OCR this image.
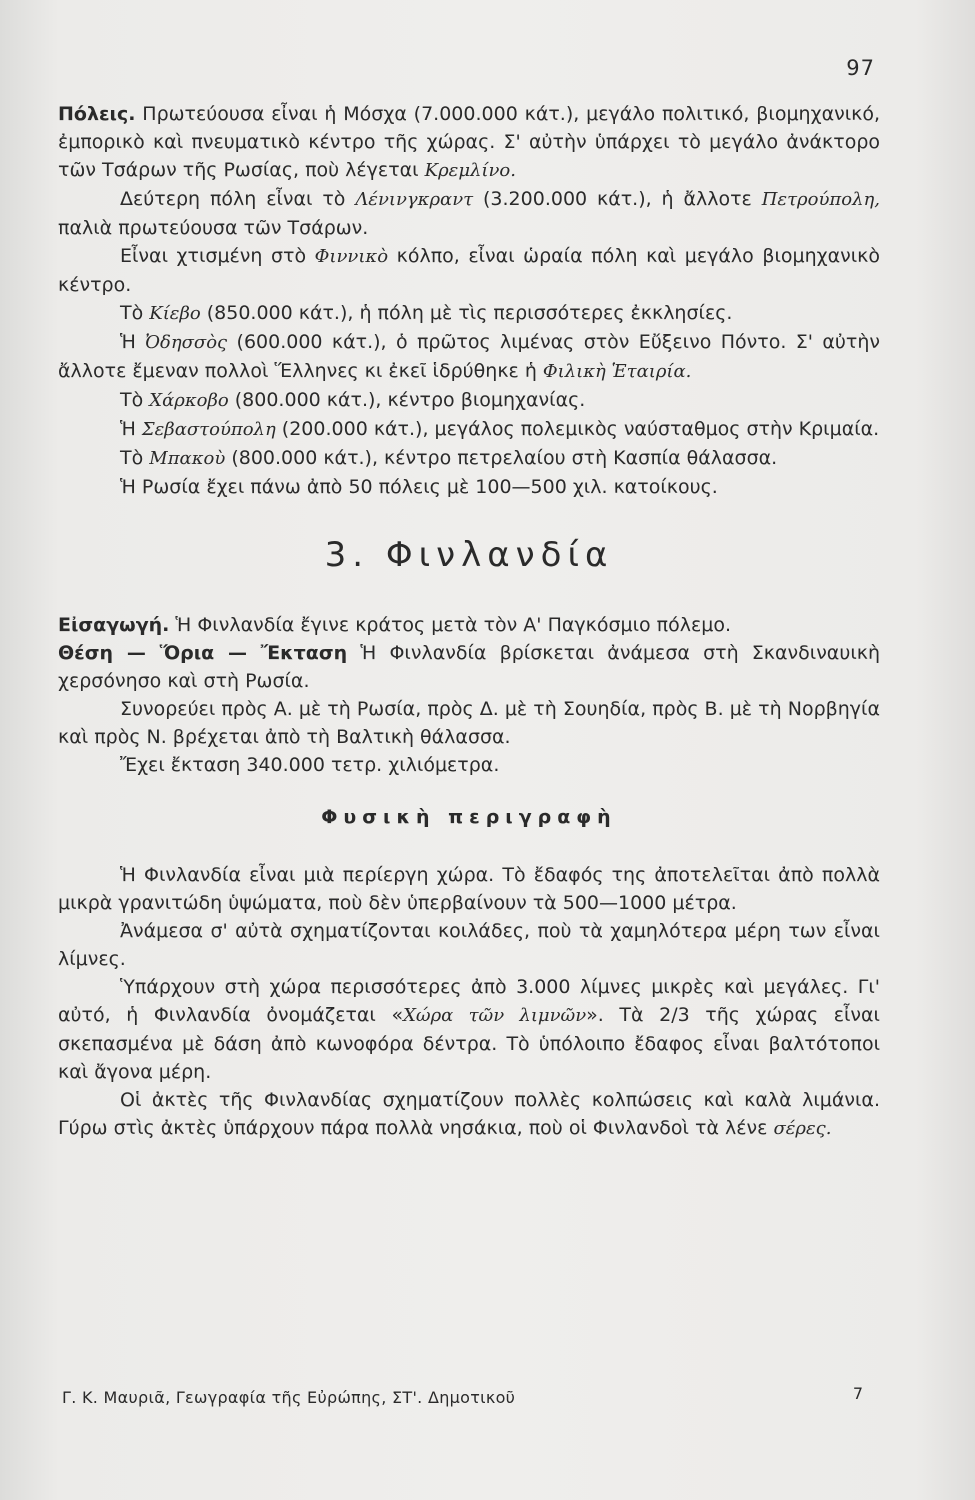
97

Πόλεις. Πρωτεύουσα εἶναι ἡ Μόσχα (7.000.000 κάτ.), μεγάλο πολιτικό, βιομηχανικό, ἐμπορικὸ καὶ πνευματικὸ κέντρο τῆς χώρας. Σ' αὐτὴν ὑπάρχει τὸ μεγάλο ἀνάκτορο τῶν Τσάρων τῆς Ρωσίας, ποὺ λέγεται Κρεμλίνο.

Δεύτερη πόλη εἶναι τὸ Λένινγκραντ (3.200.000 κάτ.), ἡ ἄλλοτε Πετρούπολη, παλιὰ πρωτεύουσα τῶν Τσάρων.

Εἶναι χτισμένη στὸ Φιννικὸ κόλπο, εἶναι ὡραία πόλη καὶ μεγάλο βιομηχανικὸ κέντρο.

Τὸ Κίεβο (850.000 κάτ.), ἡ πόλη μὲ τὶς περισσότερες ἐκκλησίες.

Ἡ Ὀδησσὸς (600.000 κάτ.), ὁ πρῶτος λιμένας στὸν Εὔξεινο Πόντο. Σ' αὐτὴν ἄλλοτε ἔμεναν πολλοὶ Ἕλληνες κι ἐκεῖ ἱδρύθηκε ἡ Φιλικὴ Ἑταιρία.

Τὸ Χάρκοβο (800.000 κάτ.), κέντρο βιομηχανίας.

Ἡ Σεβαστούπολη (200.000 κάτ.), μεγάλος πολεμικὸς ναύσταθμος στὴν Κριμαία.

Τὸ Μπακοὺ (800.000 κάτ.), κέντρο πετρελαίου στὴ Κασπία θάλασσα.

Ἡ Ρωσία ἔχει πάνω ἀπὸ 50 πόλεις μὲ 100—500 χιλ. κατοίκους.

3. Φινλανδία

Εἰσαγωγή. Ἡ Φινλανδία ἔγινε κράτος μετὰ τὸν Α' Παγκόσμιο πόλεμο.

Θέση — Ὅρια — Ἔκταση Ἡ Φινλανδία βρίσκεται ἀνάμεσα στὴ Σκανδιναυικὴ χερσόνησο καὶ στὴ Ρωσία.

Συνορεύει πρὸς Α. μὲ τὴ Ρωσία, πρὸς Δ. μὲ τὴ Σουηδία, πρὸς Β. μὲ τὴ Νορβηγία καὶ πρὸς Ν. βρέχεται ἀπὸ τὴ Βαλτικὴ θάλασσα.

Ἔχει ἔκταση 340.000 τετρ. χιλιόμετρα.

Φυσικὴ περιγραφὴ

Ἡ Φινλανδία εἶναι μιὰ περίεργη χώρα. Τὸ ἔδαφός της ἀποτελεῖται ἀπὸ πολλὰ μικρὰ γρανιτώδη ὑψώματα, ποὺ δὲν ὑπερβαίνουν τὰ 500—1000 μέτρα.

Ἀνάμεσα σ' αὐτὰ σχηματίζονται κοιλάδες, ποὺ τὰ χαμηλότερα μέρη των εἶναι λίμνες.

Ὑπάρχουν στὴ χώρα περισσότερες ἀπὸ 3.000 λίμνες μικρὲς καὶ μεγάλες. Γι' αὐτό, ἡ Φινλανδία ὀνομάζεται «Χώρα τῶν λιμνῶν». Τὰ 2/3 τῆς χώρας εἶναι σκεπασμένα μὲ δάση ἀπὸ κωνοφόρα δέντρα. Τὸ ὑπόλοιπο ἔδαφος εἶναι βαλτότοποι καὶ ἄγονα μέρη.

Οἱ ἀκτὲς τῆς Φινλανδίας σχηματίζουν πολλὲς κολπώσεις καὶ καλὰ λιμάνια. Γύρω στὶς ἀκτὲς ὑπάρχουν πάρα πολλὰ νησάκια, ποὺ οἱ Φινλανδοὶ τὰ λένε σέρες.

Γ. Κ. Μαυριᾶ, Γεωγραφία τῆς Εὐρώπης, ΣΤ'. Δημοτικοῦ	7
